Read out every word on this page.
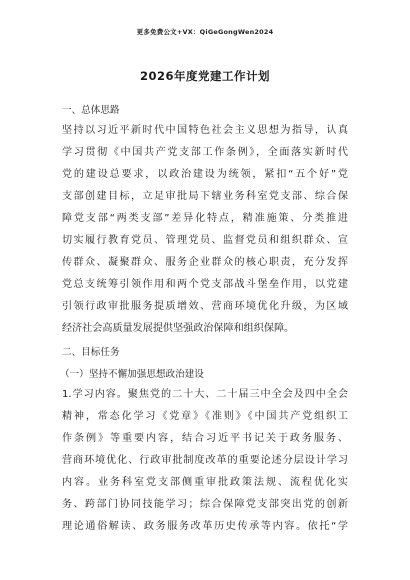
更多免费公文+VX：QiGeGongWen2024
2026年度党建工作计划
一、总体思路
坚持以习近平新时代中国特色社会主义思想为指导，认真
学习贯彻《中国共产党支部工作条例》，全面落实新时代
党的建设总要求，以政治建设为统领，紧扣“五个好”党
支部创建目标，立足审批局下辖业务科室党支部、综合保
障党支部“两类支部”差异化特点，精准施策、分类推进
切实履行教育党员、管理党员、监督党员和组织群众、宣
传群众、凝聚群众、服务企业群众的核心职责，充分发挥
党总支统筹引领作用和两个党支部战斗堡垒作用，以党建
引领行政审批服务提质增效、营商环境优化升级，为区域
经济社会高质量发展提供坚强政治保障和组织保障。
二、目标任务
（一）坚持不懈加强思想政治建设
1.学习内容。聚焦党的二十大、二十届三中全会及四中全会
精神，常态化学习《党章》《准则》《中国共产党组织工
作条例》等重要内容，结合习近平书记关于政务服务、
营商环境优化、行政审批制度改革的重要论述分层设计学习
内容。业务科室党支部侧重审批政策法规、流程优化实
务、跨部门协同技能学习；综合保障党支部突出党的创新
理论通俗解读、政务服务改革历史传承等内容。依托“学
